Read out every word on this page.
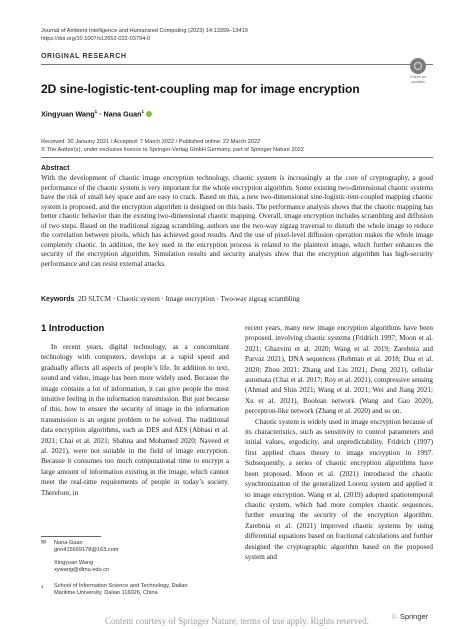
Journal of Ambient Intelligence and Humanized Computing (2023) 14:13399–13419
https://doi.org/10.1007/s12652-022-03794-0
ORIGINAL RESEARCH
Check for
updates
2D sine-logistic-tent-coupling map for image encryption
Xingyuan Wang$^1$ · Nana Guan$^1$
Received: 30 January 2021 / Accepted: 7 March 2022 / Published online: 22 March 2022
© The Author(s), under exclusive licence to Springer-Verlag GmbH Germany, part of Springer Nature 2022
Abstract
With the development of chaotic image encryption technology, chaotic system is increasingly at the core of cryptography, a good performance of the chaotic system is very important for the whole encryption algorithm. Some existing two-dimensional chaotic systems have the risk of small key space and are easy to crack. Based on this, a new two-dimensional sine-logistic-tent-coupled mapping chaotic system is proposed, and the encryption algorithm is designed on this basis. The performance analysis shows that the chaotic mapping has better chaotic behavior than the existing two-dimensional chaotic mapping. Overall, image encryption includes scrambling and diffusion of two steps. Based on the traditional zigzag scrambling, authors use the two-way zigzag traversal to disturb the whole image to reduce the correlation between pixels, which has achieved good results. And the use of pixel-level diffusion operation makes the whole image completely chaotic. In addition, the key used in the encryption process is related to the plaintext image, which further enhances the security of the encryption algorithm. Simulation results and security analysis show that the encryption algorithm has high-security performance and can resist external attacks.
Keywords 2D SLTCM · Chaotic system · Image encryption · Two-way zigzag scrambling
1 Introduction

In recent years, digital technology, as a concomitant technology with computers, develops at a rapid speed and gradually affects all aspects of people’s life. In addition to text, sound and video, image has been more widely used. Because the image contains a lot of information, it can give people the most intuitive feeling in the information transmission. But just because of this, how to ensure the security of image in the information transmission is an urgent problem to be solved. The traditional data encryption algorithms, such as DES and AES (Abbasi et al. 2021; Chai et al. 2021; Shahna and Mohamed 2020; Naveed et al. 2021), were not suitable in the field of image encryption. Because it consumes too much computational time to encrypt a large amount of information existing in the image, which cannot meet the real-time requirements of people in today’s society. Therefore, in

recent years, many new image encryption algorithms have been proposed, involving chaotic systems (Fridrich 1997; Moon et al. 2021; Ghazvini et al. 2020; Wang et al. 2019; Zarebnia and Parvaz 2021), DNA sequences (Rehman et al. 2018; Dua et al. 2020; Zhou 2021; Zhang and Liu 2021; Dong 2021), cellular automata (Chai et al. 2017; Roy et al. 2021), compressive sensing (Ahmad and Shin 2021; Wang et al. 2021; Wei and Jiang 2021; Xu et al. 2021), Boolean network (Wang and Gao 2020), perceptron-like network (Zhang et al. 2020) and so on.

Chaotic system is widely used in image encryption because of its characteristics, such as sensitivity to control parameters and initial values, ergodicity, and unpredictability. Fridrich (1997) first applied chaos theory to image encryption in 1997. Subsequently, a series of chaotic encryption algorithms have been proposed. Moon et al. (2021) introduced the chaotic synchronization of the generalized Lorenz system and applied it to image encryption. Wang et al. (2019) adopted spatiotemporal chaotic system, which had more complex chaotic sequences, further ensuring the security of the encryption algorithm. Zarebnia et al. (2021) improved chaotic systems by using differential equations based on fractional calculations and further designed the cryptographic algorithm based on the proposed system and

✉ Nana Guan
gnn415669178@163.com
Xingyuan Wang
xywang@dlmu.edu.cn
1 School of Information Science and Technology, Dalian
Maritime University, Dalian 116026, China
♘ Springer
Content courtesy of Springer Nature, terms of use apply. Rights reserved.
